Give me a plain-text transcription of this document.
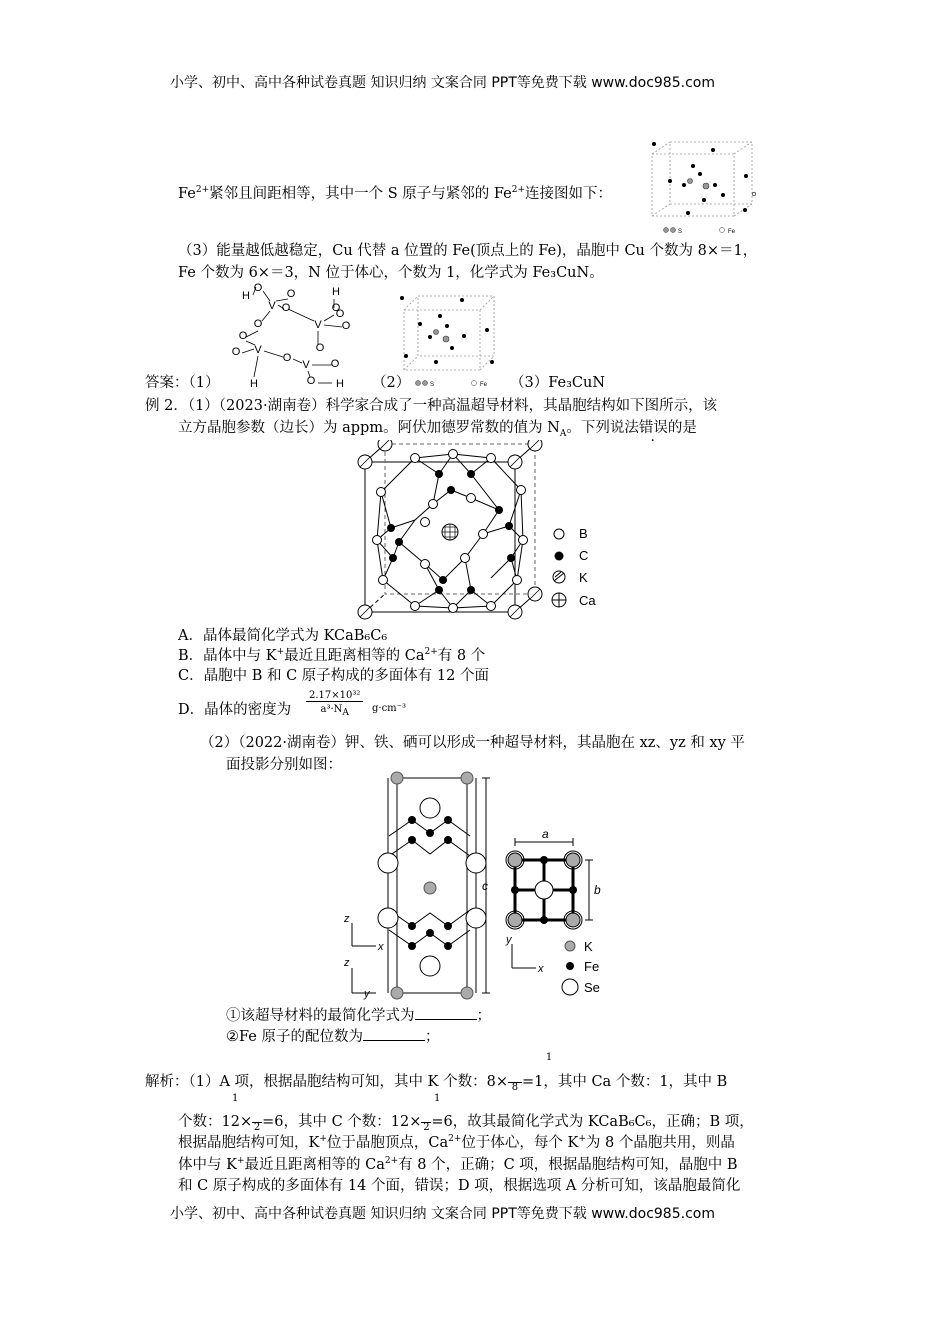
小学、初中、高中各种试卷真题 知识归纳 文案合同 PPT等免费下载 www.doc985.com
$Fe^{2+}$紧邻且间距相等，其中一个 S 原子与紧邻的 $Fe^{2+}$连接图如下：
S	Fe
（3）能量越低越稳定，Cu 代替 a 位置的 Fe(顶点上的 Fe)，晶胞中 Cu 个数为 8×＝1，
Fe 个数为 6×＝3，N 位于体心，个数为 1，化学式为 Fe₃CuN。
V
V
V
V
O
H	O
O
H
O
O
O
O
O
O	O
O
O
O
H	H	S	Fe
答案：（1）	（2）	（3）Fe₃CuN
例 2．（1）（2023·湖南卷）科学家合成了一种高温超导材料，其晶胞结构如下图所示，该
立方晶胞参数（边长）为 appm。阿伏加德罗常数的值为 $N_A$。下列说法错误的是
B
C
K
Ca
A．晶体最简化学式为 KCaB₆C₆
B．晶体中与 K+最近且距离相等的 $Ca^{2+}$有 8 个
C．晶胞中 B 和 C 原子构成的多面体有 12 个面
D．晶体的密度为
2.17×10³²
$a^3\cdot N_A$	g·cm⁻³
（2）（2022·湖南卷）钾、铁、硒可以形成一种超导材料，其晶胞在 xz、yz 和 xy 平
面投影分别如图：
c
z
x
z
y
a
b
y
x
K
Fe
Se
①该超导材料的最简化学式为	；
②Fe 原子的配位数为	；
1
解析：（1）A 项，根据晶胞结构可知，其中 K 个数：8× 8 =1，其中 Ca 个数：1，其中 B
1	1
个数：12× 2 =6，其中 C 个数：12× 2 =6，故其最简化学式为 KCaB₆C₆，正确；B 项，
根据晶胞结构可知，K+位于晶胞顶点，$Ca^{2+}$位于体心，每个 K+为 8 个晶胞共用，则晶
体中与 K+最近且距离相等的 $Ca^{2+}$有 8 个，正确；C 项，根据晶胞结构可知，晶胞中 B
和 C 原子构成的多面体有 14 个面，错误；D 项，根据选项 A 分析可知，该晶胞最简化
小学、初中、高中各种试卷真题 知识归纳 文案合同 PPT等免费下载 www.doc985.com
